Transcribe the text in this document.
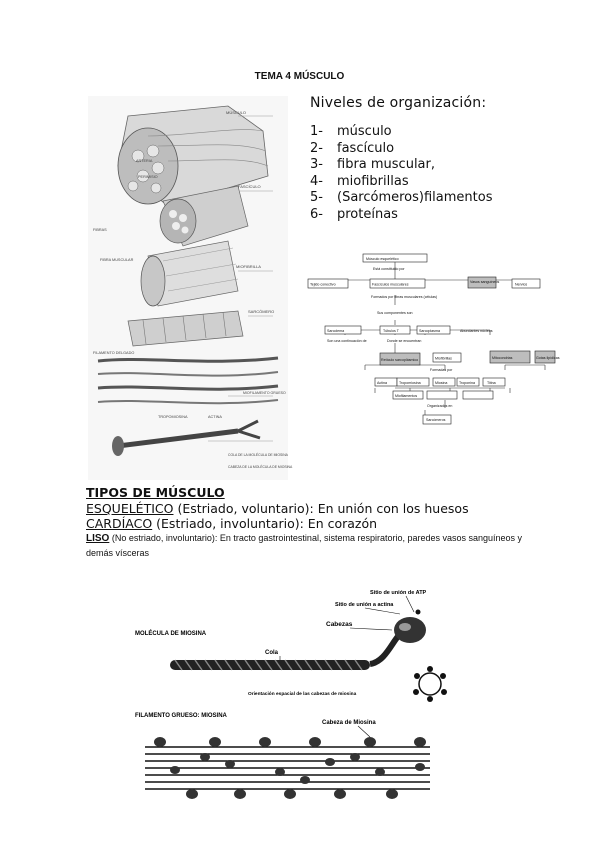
TEMA 4 MÚSCULO
MÚSCULO
FASCÍCULO
MIOFIBRILLA
SARCÓMERO
FILAMENTO DELGADO
TROPOMIOSINA	ACTINA
MIOFILAMENTO GRUESO
COLA DE LA MOLÉCULA DE MIOSINA
CABEZA DE LA MOLÉCULA DE MIOSINA
FIBRA MUSCULAR
FIBRAS
ARTERIA
PERIMISIO
Niveles de organización:
1-	músculo
2-	fascículo
3-	fibra muscular,
4-	miofibrillas
5-	(Sarcómeros)filamentos
6-	proteínas
Músculo esquelético
Está constituido por
Tejido conectivo	Fascículos musculares
Vasos sanguíneos
Nervios
Formados por fibras musculares (células)
Sus componentes son
Sarcolema	Túbulos T	Sarcoplasma	Abundantes núcleos
Son una continuación de	Donde se encuentran
Retículo sarcoplásmico	Miofibrillas	Mitocondrias	Gotas lipídicas
Formadas por
Actina	Tropomiosina	Miosina	Troponina	Titina
Miofilamentos
Organizados en
Sarcómeros
TIPOS DE MÚSCULO
ESQUELÉTICO (Estriado, voluntario): En unión con los huesos
CARDÍACO (Estriado, involuntario): En corazón
LISO (No estriado, involuntario): En tracto gastrointestinal, sistema respiratorio, paredes vasos sanguíneos y demás vísceras
Sitio de unión de ATP
Sitio de unión a actina
Cabezas
MOLÉCULA DE MIOSINA
Cola
Orientación espacial de las cabezas de miosina
FILAMENTO GRUESO: MIOSINA
Cabeza de Miosina
